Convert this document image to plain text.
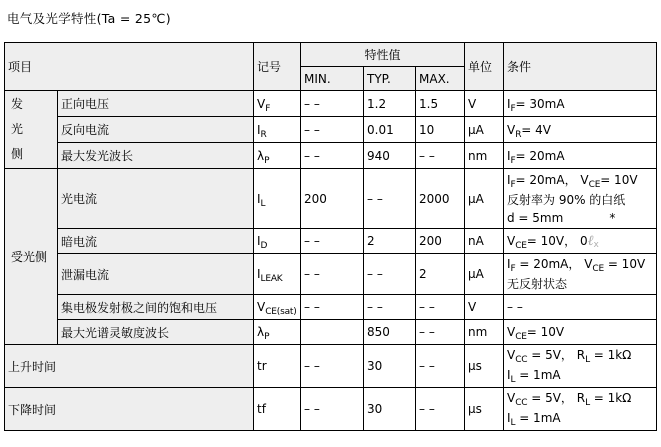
电气及光学特性(Ta = 25℃)
项目		记号	特性值			单位	条件
			MIN.	TYP.	MAX.		

发
光
侧	正向电压	$V_F$	– –	1.2	1.5	V	$I_F= 30mA$
	反向电流	$I_R$	– –	0.01	10	μA	$V_R= 4V$
	最大发光波长	$\lambda_P$	– –	940	– –	nm	$I_F= 20mA$
受光侧	光电流	$I_L$	200	– –	2000	μA	$I_F= 20mA$， $V_{CE}= 10V$
反射率为 90% 的白纸
d = 5mm *

	暗电流	$I_D$	– –	2	200	nA	$V_{CE}= 10V$， 0ℓx
	泄漏电流	$I_{LEAK}$	– –	– –	2	μA	$I_F = 20mA$， $V_{CE} = 10V$
无反射状态

	集电极发射极之间的饱和电压	$V_{CE(sat)}$	– –	– –	– –	V	– –
	最大光谱灵敏度波长	$\lambda_P$		850	– –	nm	$V_{CE}= 10V$
上升时间		tr	– –	30	– –	μs	$V_{CC} = 5V$， $R_L = 1k\Omega$
$I_L = 1mA$

下降时间		tf	– –	30	– –	μs	$V_{CC} = 5V$， $R_L = 1k\Omega$
$I_L = 1mA$
